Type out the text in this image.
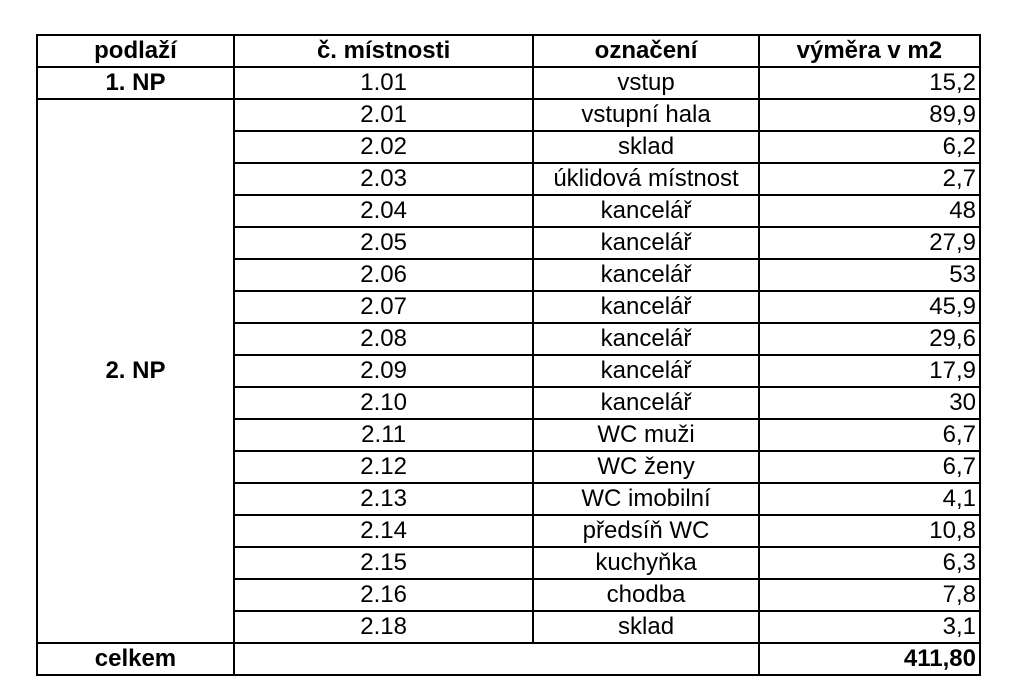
podlaží	č. místnosti	označení	výměra v m2
1. NP	1.01	vstup	15,2
2. NP	2.01	vstupní hala	89,9
	2.02	sklad	6,2
	2.03	úklidová místnost	2,7
	2.04	kancelář	48
	2.05	kancelář	27,9
	2.06	kancelář	53
	2.07	kancelář	45,9
	2.08	kancelář	29,6
	2.09	kancelář	17,9
	2.10	kancelář	30
	2.11	WC muži	6,7
	2.12	WC ženy	6,7
	2.13	WC imobilní	4,1
	2.14	předsíň WC	10,8
	2.15	kuchyňka	6,3
	2.16	chodba	7,8
	2.18	sklad	3,1
celkem			411,80
